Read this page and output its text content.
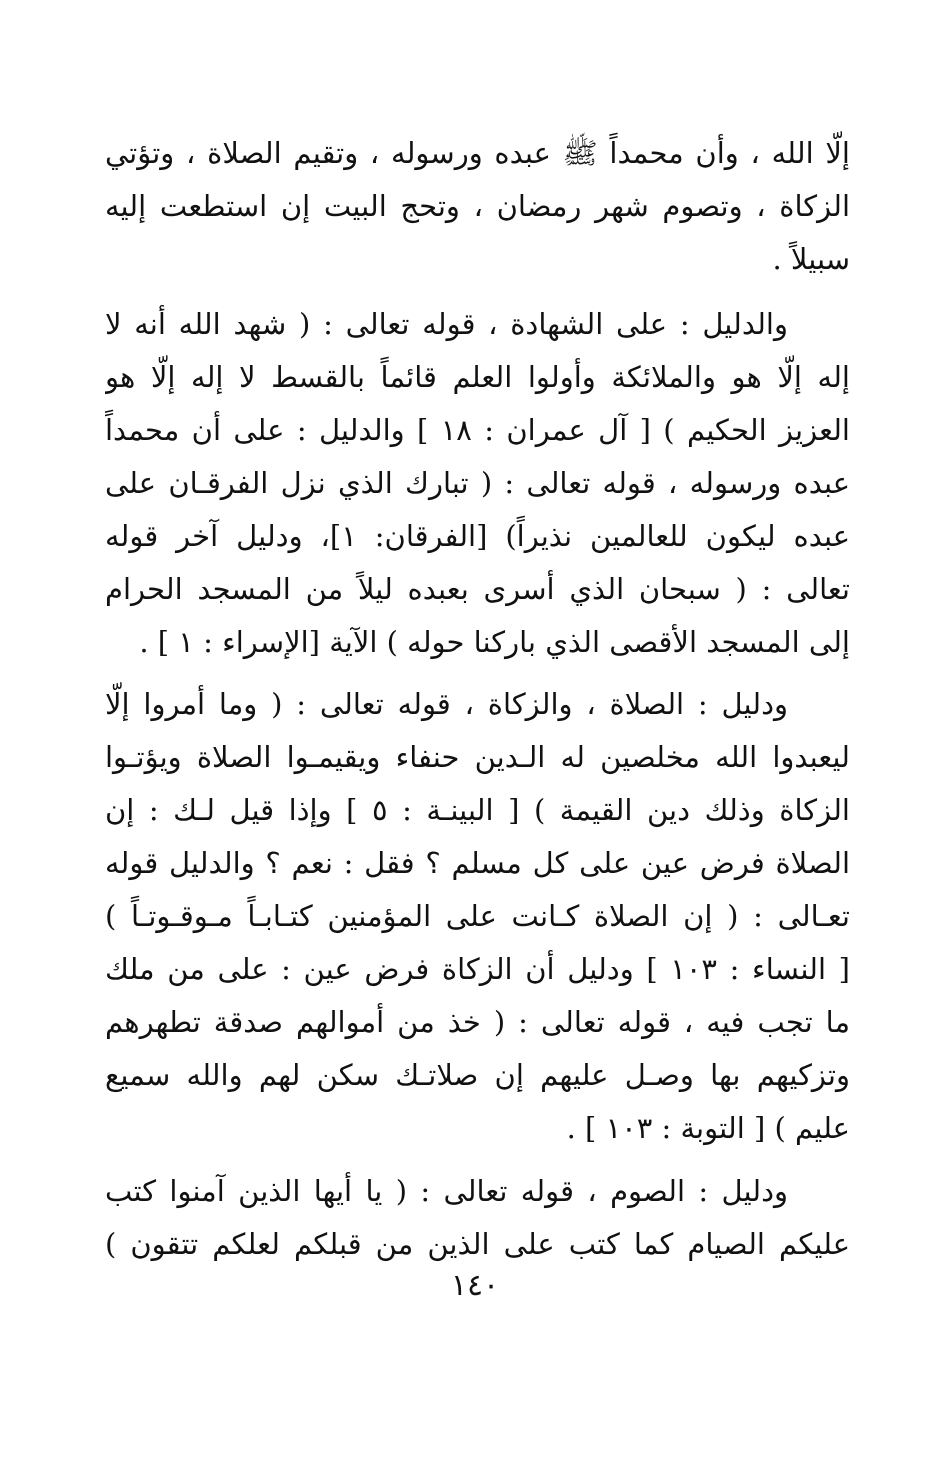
إلّا الله ، وأن محمداً ﷺ عبده ورسوله ، وتقيم الصلاة ، وتؤتي
الزكاة ، وتصوم شهر رمضان ، وتحج البيت إن استطعت إليه
سبيلاً .
والدليل : على الشهادة ، قوله تعالى : ( شهد الله أنه لا
إله إلّا هو والملائكة وأولوا العلم قائماً بالقسط لا إله إلّا هو
العزيز الحكيم ) [ آل عمران : ١٨ ] والدليل : على أن محمداً
عبده ورسوله ، قوله تعالى : ( تبارك الذي نزل الفرقـان على
عبده ليكون للعالمين نذيراً) [الفرقان: ١]، ودليل آخر قوله
تعالى : ( سبحان الذي أسرى بعبده ليلاً من المسجد الحرام
إلى المسجد الأقصى الذي باركنا حوله ) الآية [الإسراء : ١ ] .
ودليل : الصلاة ، والزكاة ، قوله تعالى : ( وما أمروا إلّا
ليعبدوا الله مخلصين له الـدين حنفاء ويقيمـوا الصلاة ويؤتـوا
الزكاة وذلك دين القيمة ) [ البينـة : ٥ ] وإذا قيل لـك : إن
الصلاة فرض عين على كل مسلم ؟ فقل : نعم ؟ والدليل قوله
تعـالى : ( إن الصلاة كـانت على المؤمنين كتـابـاً مـوقـوتـاً )
[ النساء : ١٠٣ ] ودليل أن الزكاة فرض عين : على من ملك
ما تجب فيه ، قوله تعالى : ( خذ من أموالهم صدقة تطهرهم
وتزكيهم بها وصـل عليهم إن صلاتـك سكن لهم والله سميع
عليم ) [ التوبة : ١٠٣ ] .
ودليل : الصوم ، قوله تعالى : ( يا أيها الذين آمنوا كتب
عليكم الصيام كما كتب على الذين من قبلكم لعلكم تتقون )
١٤٠
